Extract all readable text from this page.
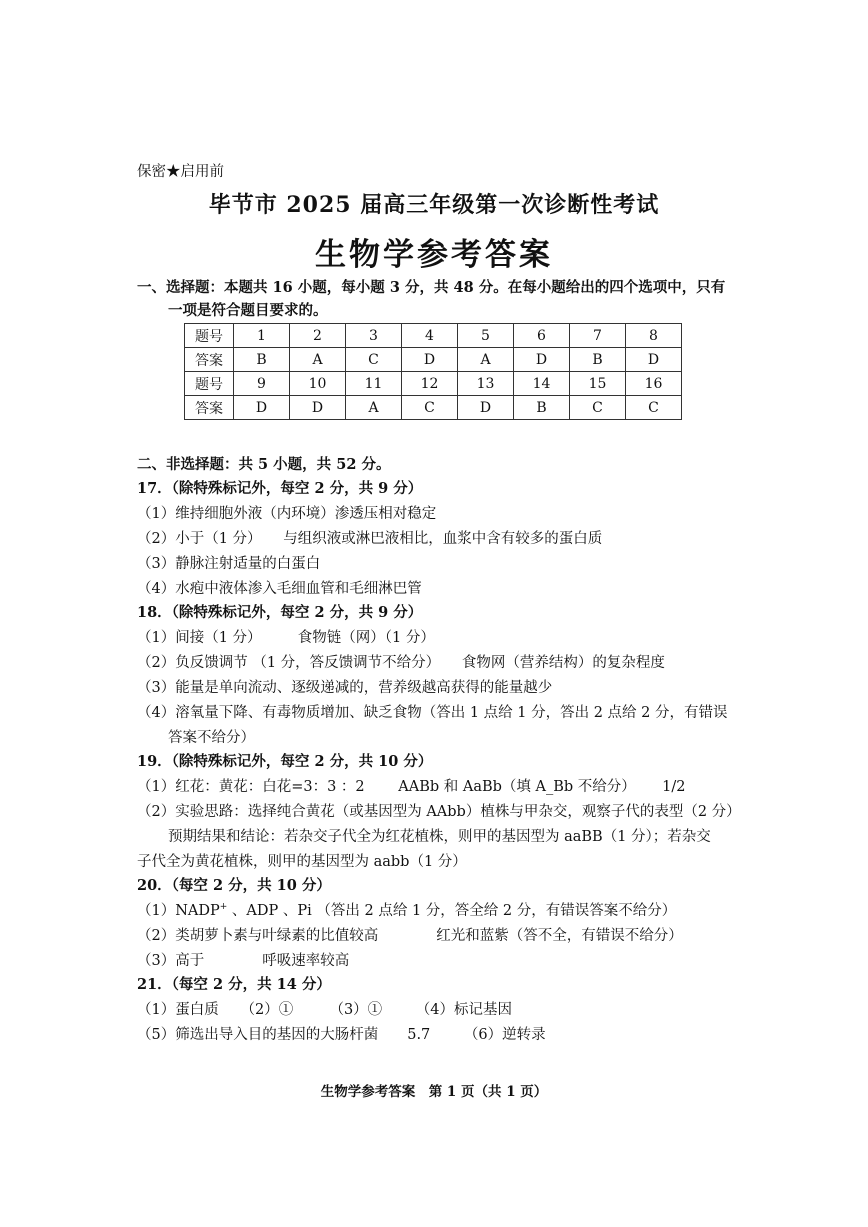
保密★启用前
毕节市 2025 届高三年级第一次诊断性考试
生物学参考答案
一、选择题：本题共 16 小题，每小题 3 分，共 48 分。在每小题给出的四个选项中，只有
一项是符合题目要求的。
题号	1	2	3	4	5	6	7	8
答案	B	A	C	D	A	D	B	D
题号	9	10	11	12	13	14	15	16
答案	D	D	A	C	D	B	C	C
二、非选择题：共 5 小题，共 52 分。
17．（除特殊标记外，每空 2 分，共 9 分）
（1）维持细胞外液（内环境）渗透压相对稳定
（2）小于（1 分）　　与组织液或淋巴液相比，血浆中含有较多的蛋白质
（3）静脉注射适量的白蛋白
（4）水疱中液体渗入毛细血管和毛细淋巴管
18．（除特殊标记外，每空 2 分，共 9 分）
（1）间接（1 分）　　　食物链（网）（1 分）
（2）负反馈调节 （1 分，答反馈调节不给分）　　食物网（营养结构）的复杂程度
（3）能量是单向流动、逐级递减的，营养级越高获得的能量越少
（4）溶氧量下降、有毒物质增加、缺乏食物（答出 1 点给 1 分，答出 2 点给 2 分，有错误
答案不给分）
19．（除特殊标记外，每空 2 分，共 10 分）
（1）红花：黄花：白花=3：3 ：2　　 AABb 和 AaBb（填 A_Bb 不给分）　　 1/2
（2）实验思路：选择纯合黄花（或基因型为 AAbb）植株与甲杂交，观察子代的表型（2 分）
预期结果和结论：若杂交子代全为红花植株，则甲的基因型为 aaBB（1 分）；若杂交
子代全为黄花植株，则甲的基因型为 aabb（1 分）
20．（每空 2 分，共 10 分）
（1）NADP+ 、ADP 、Pi （答出 2 点给 1 分，答全给 2 分，有错误答案不给分）
（2）类胡萝卜素与叶绿素的比值较高　　　　红光和蓝紫（答不全，有错误不给分）
（3）高于　　　　呼吸速率较高
21．（每空 2 分，共 14 分）
（1）蛋白质　　（2）①　　　（3）①　　 （4）标记基因
（5）筛选出导入目的基因的大肠杆菌　　5.7　　 （6）逆转录
生物学参考答案　第 1 页（共 1 页）
